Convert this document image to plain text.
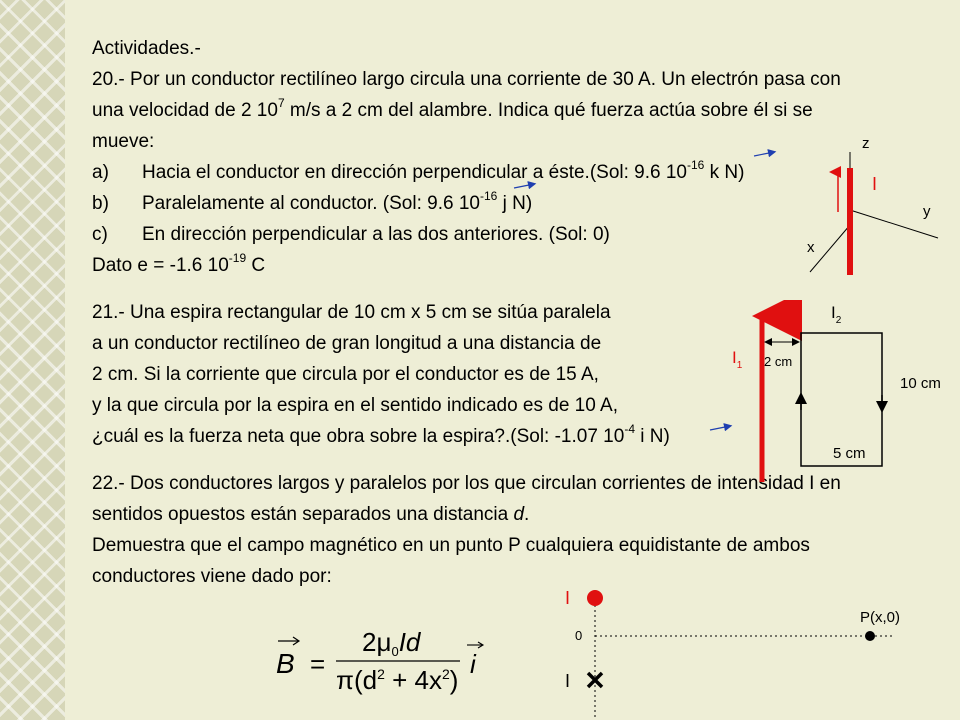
Actividades.-
20.- Por un conductor rectilíneo largo circula una corriente de 30 A. Un electrón pasa con
una velocidad de 2 $10^7$ m/s a 2 cm del alambre. Indica qué fuerza actúa sobre él si se
mueve:
a) Hacia el conductor en dirección perpendicular a éste.(Sol: 9.6 $10^{-16}$ k N)
b) Paralelamente al conductor. (Sol: 9.6 $10^{-16}$ j N)
c) En dirección perpendicular a las dos anteriores. (Sol: 0)
Dato e = -1.6 $10^{-19}$ C
21.- Una espira rectangular de 10 cm x 5 cm se sitúa paralela
a un conductor rectilíneo de gran longitud a una distancia de
2 cm. Si la corriente que circula por el conductor es de 15 A,
y la que circula por la espira en el sentido indicado es de 10 A,
¿cuál es la fuerza neta que obra sobre la espira?.(Sol: -1.07 $10^{-4}$ i N)
22.- Dos conductores largos y paralelos por los que circulan corrientes de intensidad I en
sentidos opuestos están separados una distancia d.
Demuestra que el campo magnético en un punto P cualquiera equidistante de ambos
conductores viene dado por:
z
y
x
I
$I_1$
$I_2$
2 cm
10 cm
5 cm
B =
2μ0Id
$\pi(d^2 + 4x^2)$
i
I
0
P(x,0)
I
